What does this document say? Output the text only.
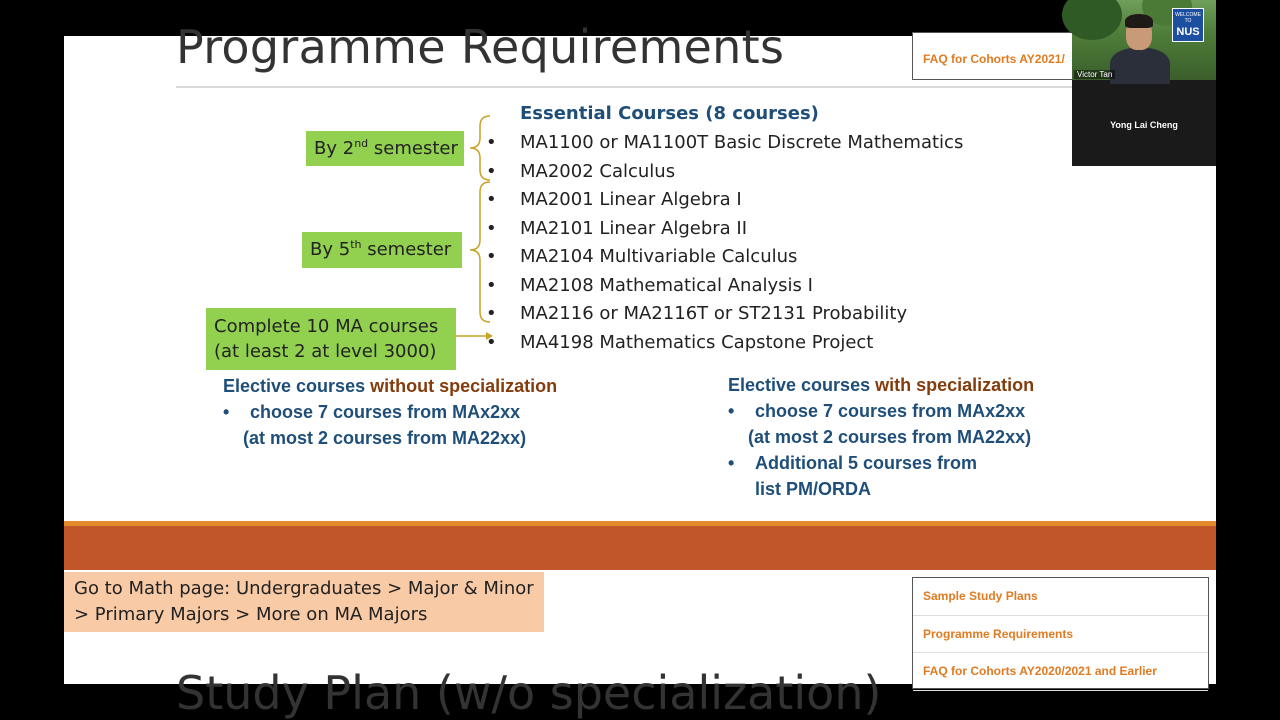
Programme Requirements	FAQ for Cohorts AY2021/
By 2nd semester
By 5th semester
Complete 10 MA courses
(at least 2 at level 3000)
Essential Courses (8 courses)
• MA1100 or MA1100T Basic Discrete Mathematics
• MA2002 Calculus
• MA2001 Linear Algebra I
• MA2101 Linear Algebra II
• MA2104 Multivariable Calculus
• MA2108 Mathematical Analysis I
• MA2116 or MA2116T or ST2131 Probability
• MA4198 Mathematics Capstone Project
Elective courses without specialization
• choose 7 courses from MAx2xx
(at most 2 courses from MA22xx)
Elective courses with specialization
• choose 7 courses from MAx2xx
(at most 2 courses from MA22xx)
• Additional 5 courses from
list PM/ORDA
Go to Math page: Undergraduates > Major & Minor
> Primary Majors > More on MA Majors
Sample Study Plans
Programme Requirements
FAQ for Cohorts AY2020/2021 and Earlier
Study Plan (w/o specialization)
WELCOME TO
NUS
Victor Tan
Yong Lai Cheng
